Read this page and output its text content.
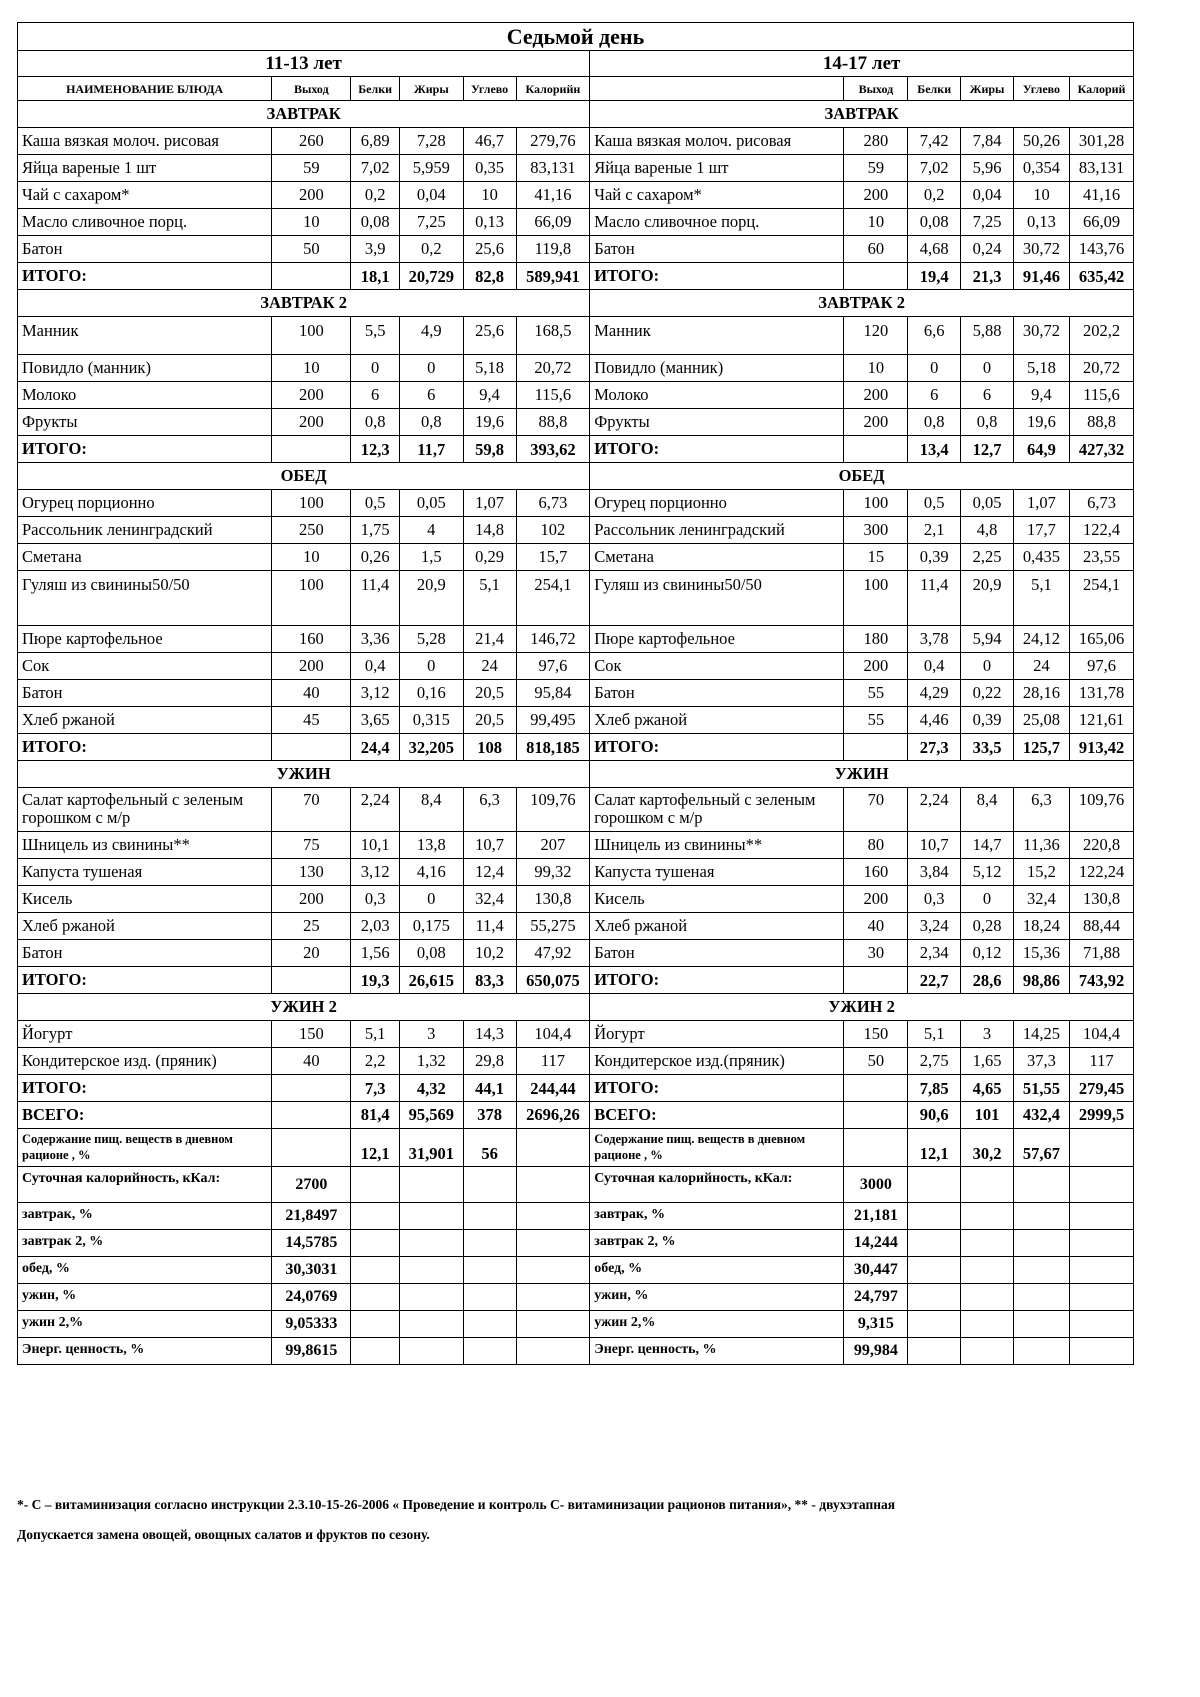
Седьмой день											
11-13 лет						14-17 лет					
НАИМЕНОВАНИЕ БЛЮДА	Выход	Белки	Жиры	Углево	Калорийн		Выход	Белки	Жиры	Углево	Калорий
ЗАВТРАК						ЗАВТРАК					
Каша вязкая молоч. рисовая	260	6,89	7,28	46,7	279,76	Каша вязкая молоч. рисовая	280	7,42	7,84	50,26	301,28
Яйца вареные 1 шт	59	7,02	5,959	0,35	83,131	Яйца вареные 1 шт	59	7,02	5,96	0,354	83,131
Чай с сахаром*	200	0,2	0,04	10	41,16	Чай с сахаром*	200	0,2	0,04	10	41,16
Масло сливочное порц.	10	0,08	7,25	0,13	66,09	Масло сливочное порц.	10	0,08	7,25	0,13	66,09
Батон	50	3,9	0,2	25,6	119,8	Батон	60	4,68	0,24	30,72	143,76
ИТОГО:		18,1	20,729	82,8	589,941	ИТОГО:		19,4	21,3	91,46	635,42
ЗАВТРАК 2						ЗАВТРАК 2					
Манник	100	5,5	4,9	25,6	168,5	Манник	120	6,6	5,88	30,72	202,2
Повидло (манник)	10	0	0	5,18	20,72	Повидло (манник)	10	0	0	5,18	20,72
Молоко	200	6	6	9,4	115,6	Молоко	200	6	6	9,4	115,6
Фрукты	200	0,8	0,8	19,6	88,8	Фрукты	200	0,8	0,8	19,6	88,8
ИТОГО:		12,3	11,7	59,8	393,62	ИТОГО:		13,4	12,7	64,9	427,32
ОБЕД						ОБЕД					
Огурец порционно	100	0,5	0,05	1,07	6,73	Огурец порционно	100	0,5	0,05	1,07	6,73
Рассольник ленинградский	250	1,75	4	14,8	102	Рассольник ленинградский	300	2,1	4,8	17,7	122,4
Сметана	10	0,26	1,5	0,29	15,7	Сметана	15	0,39	2,25	0,435	23,55
Гуляш из свинины50/50	100	11,4	20,9	5,1	254,1	Гуляш из свинины50/50	100	11,4	20,9	5,1	254,1
Пюре картофельное	160	3,36	5,28	21,4	146,72	Пюре картофельное	180	3,78	5,94	24,12	165,06
Сок	200	0,4	0	24	97,6	Сок	200	0,4	0	24	97,6
Батон	40	3,12	0,16	20,5	95,84	Батон	55	4,29	0,22	28,16	131,78
Хлеб ржаной	45	3,65	0,315	20,5	99,495	Хлеб ржаной	55	4,46	0,39	25,08	121,61
ИТОГО:		24,4	32,205	108	818,185	ИТОГО:		27,3	33,5	125,7	913,42
УЖИН						УЖИН					
Салат картофельный с зеленым горошком с м/р	70	2,24	8,4	6,3	109,76	Салат картофельный с зеленым горошком с м/р	70	2,24	8,4	6,3	109,76
Шницель из свинины**	75	10,1	13,8	10,7	207	Шницель из свинины**	80	10,7	14,7	11,36	220,8
Капуста тушеная	130	3,12	4,16	12,4	99,32	Капуста тушеная	160	3,84	5,12	15,2	122,24
Кисель	200	0,3	0	32,4	130,8	Кисель	200	0,3	0	32,4	130,8
Хлеб ржаной	25	2,03	0,175	11,4	55,275	Хлеб ржаной	40	3,24	0,28	18,24	88,44
Батон	20	1,56	0,08	10,2	47,92	Батон	30	2,34	0,12	15,36	71,88
ИТОГО:		19,3	26,615	83,3	650,075	ИТОГО:		22,7	28,6	98,86	743,92
УЖИН 2						УЖИН 2					
Йогурт	150	5,1	3	14,3	104,4	Йогурт	150	5,1	3	14,25	104,4
Кондитерское изд. (пряник)	40	2,2	1,32	29,8	117	Кондитерское изд.(пряник)	50	2,75	1,65	37,3	117
ИТОГО:		7,3	4,32	44,1	244,44	ИТОГО:		7,85	4,65	51,55	279,45
ВСЕГО:		81,4	95,569	378	2696,26	ВСЕГО:		90,6	101	432,4	2999,5
Содержание пищ. веществ в дневном рационе , %		12,1	31,901	56		Содержание пищ. веществ в дневном рационе , %		12,1	30,2	57,67	
Суточная калорийность, кКал:	2700					Суточная калорийность, кКал:	3000				
завтрак, %	21,8497					завтрак, %	21,181				
завтрак 2, %	14,5785					завтрак 2, %	14,244				
обед, %	30,3031					обед, %	30,447				
ужин, %	24,0769					ужин, %	24,797				
ужин 2,%	9,05333					ужин 2,%	9,315				
Энерг. ценность, %	99,8615					Энерг. ценность, %	99,984				
*- С – витаминизация согласно инструкции 2.3.10-15-26-2006 « Проведение и контроль С- витаминизации рационов питания», ** - двухэтапная
Допускается замена овощей, овощных салатов и фруктов по сезону.
